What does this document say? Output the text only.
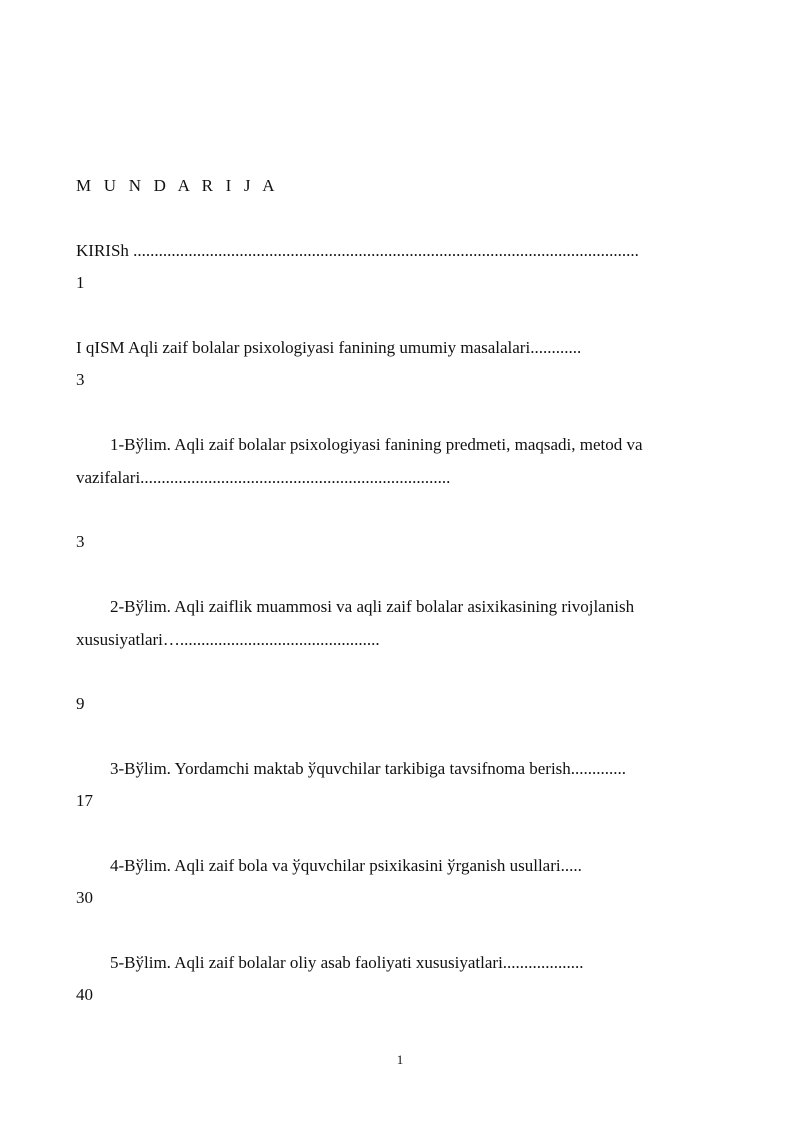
M U N D A R I J A

KIRISh .......................................................................................................................

1

I qISM Aqli zaif bolalar psixologiyasi fanining umumiy masalalari............

3

1-Bўlim. Aqli zaif bolalar psixologiyasi fanining predmeti, maqsadi, metod va

vazifalari.........................................................................

3

2-Bўlim. Aqli zaiflik muammosi va aqli zaif bolalar asixikasining rivojlanish

xususiyatlari…...............................................

9

3-Bўlim. Yordamchi maktab ўquvchilar tarkibiga tavsifnoma berish.............

17

4-Bўlim. Aqli zaif bola va ўquvchilar psixikasini ўrganish usullari.....

30

5-Bўlim. Aqli zaif bolalar oliy asab faoliyati xususiyatlari...................

40

1
